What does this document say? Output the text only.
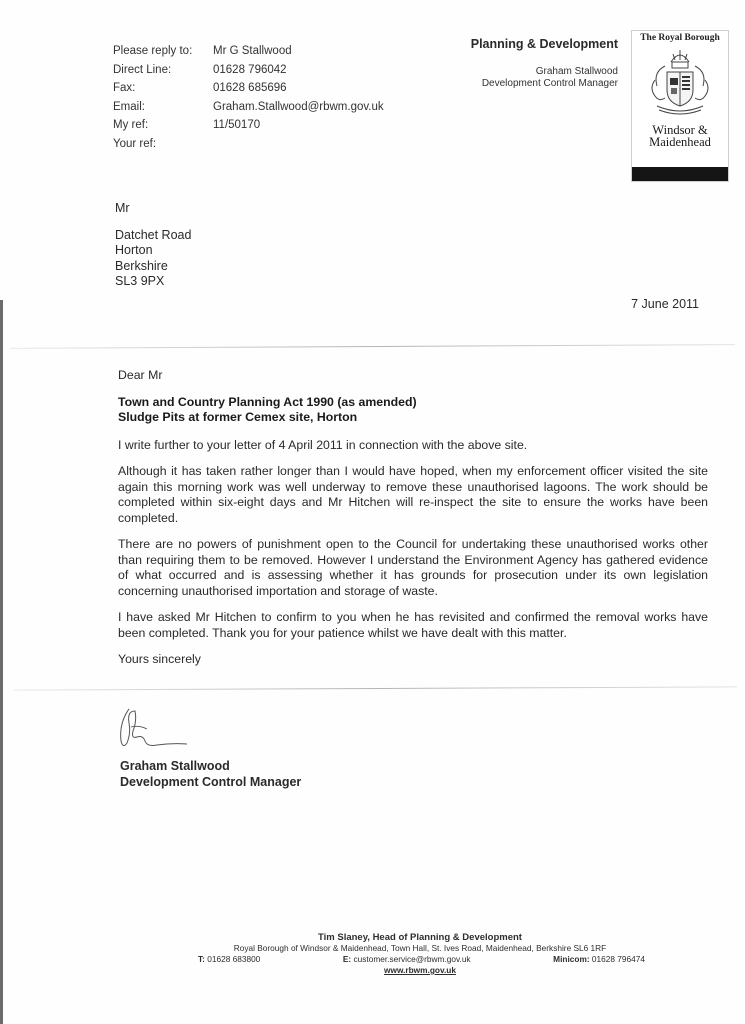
Please reply to:	Mr G Stallwood
Direct Line:	01628 796042
Fax:	01628 685696
Email:	Graham.Stallwood@rbwm.gov.uk
My ref:	11/50170
Your ref:
Planning & Development
Graham Stallwood
Development Control Manager
The Royal Borough
Windsor &
Maidenhead
Mr
Datchet Road
Horton
Berkshire
SL3 9PX
7 June 2011

Dear Mr

Town and Country Planning Act 1990 (as amended)
Sludge Pits at former Cemex site, Horton

I write further to your letter of 4 April 2011 in connection with the above site.

Although it has taken rather longer than I would have hoped, when my enforcement officer visited the site again this morning work was well underway to remove these unauthorised lagoons. The work should be completed within six-eight days and Mr Hitchen will re-inspect the site to ensure the works have been completed.

There are no powers of punishment open to the Council for undertaking these unauthorised works other than requiring them to be removed. However I understand the Environment Agency has gathered evidence of what occurred and is assessing whether it has grounds for prosecution under its own legislation concerning unauthorised importation and storage of waste.

I have asked Mr Hitchen to confirm to you when he has revisited and confirmed the removal works have been completed. Thank you for your patience whilst we have dealt with this matter.

Yours sincerely

Graham Stallwood
Development Control Manager
Tim Slaney, Head of Planning & Development
Royal Borough of Windsor & Maidenhead, Town Hall, St. Ives Road, Maidenhead, Berkshire SL6 1RF
T: 01628 683800	E: customer.service@rbwm.gov.uk	Minicom: 01628 796474
www.rbwm.gov.uk
